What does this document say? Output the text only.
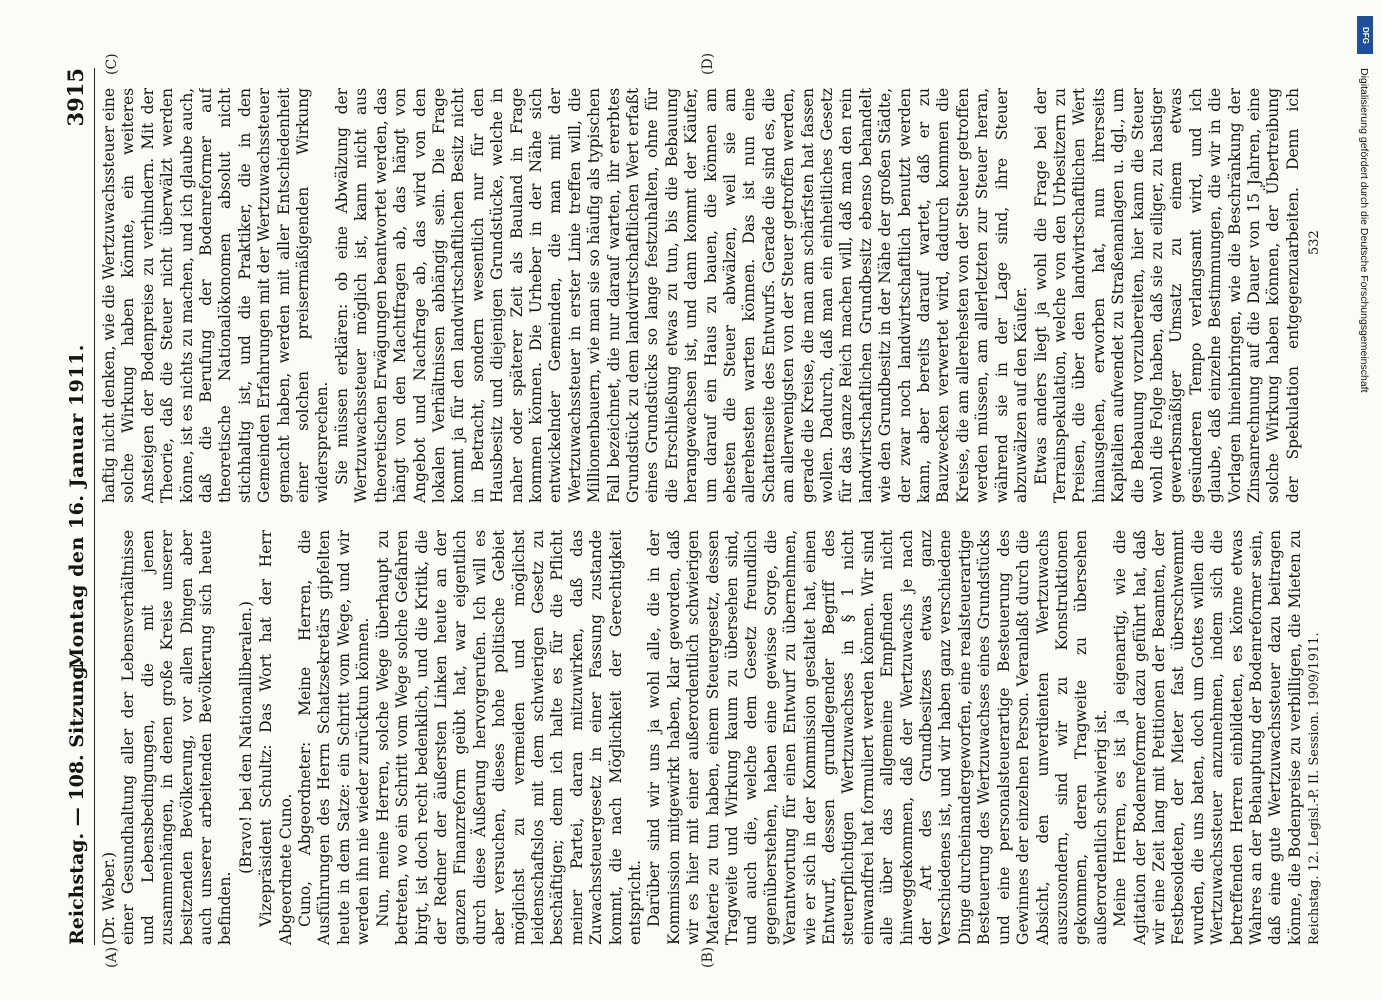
Reichstag. — 108. Sitzung.
Montag den 16. Januar 1911.
3915
(A)	(B)
(C)	(D)

(Dr. Weber.) einer Gesundhaltung aller der Lebensverhältnisse und Lebensbedingungen, die mit jenen zusammenhängen, in denen große Kreise unserer besitzenden Bevölkerung, vor allen Dingen aber auch unserer arbeitenden Bevölkerung sich heute befinden.

(Bravo! bei den Nationalliberalen.) Vizepräsident Schultz: Das Wort hat der Herr Abgeordnete Cuno. Cuno, Abgeordneter: Meine Herren, die Ausführungen des Herrn Schatzsekretärs gipfelten heute in dem Satze: ein Schritt vom Wege, und wir werden ihn nie wieder zurücktun können. Nun, meine Herren, solche Wege überhaupt zu betreten, wo ein Schritt vom Wege solche Gefahren birgt, ist doch recht bedenklich, und die Kritik, die der Redner der äußersten Linken heute an der ganzen Finanzreform geübt hat, war eigentlich durch diese Äußerung hervorgerufen. Ich will es aber versuchen, dieses hohe politische Gebiet möglichst zu vermeiden und möglichst leidenschaftslos mit dem schwierigen Gesetz zu beschäftigen; denn ich halte es für die Pflicht meiner Partei, daran mitzuwirken, daß das Zuwachssteuergesetz in einer Fassung zustande kommt, die nach Möglichkeit der Gerechtigkeit entspricht. Darüber sind wir uns ja wohl alle, die in der Kommission mitgewirkt haben, klar geworden, daß wir es hier mit einer außerordentlich schwierigen Materie zu tun haben, einem Steuergesetz, dessen Tragweite und Wirkung kaum zu übersehen sind, und auch die, welche dem Gesetz freundlich gegenüberstehen, haben eine gewisse Sorge, die Verantwortung für einen Entwurf zu übernehmen, wie er sich in der Kommission gestaltet hat, einen Entwurf, dessen grundlegender Begriff des steuerpflichtigen Wertzuwachses in § 1 nicht einwandfrei hat formuliert werden können. Wir sind alle über das allgemeine Empfinden nicht hinweggekommen, daß der Wertzuwachs je nach der Art des Grundbesitzes etwas ganz Verschiedenes ist, und wir haben ganz verschiedene Dinge durcheinandergeworfen, eine realsteuerartige Besteuerung des Wertzuwachses eines Grundstücks und eine personalsteuerartige Besteuerung des Gewinnes der einzelnen Person. Veranlaßt durch die Absicht, den unverdienten Wertzuwachs auszusondern, sind wir zu Konstruktionen gekommen, deren Tragweite zu übersehen außerordentlich schwierig ist. Meine Herren, es ist ja eigenartig, wie die Agitation der Bodenreformer dazu geführt hat, daß wir eine Zeit lang mit Petitionen der Beamten, der Festbesoldeten, der Mieter fast überschwemmt wurden, die uns baten, doch um Gottes willen die Wertzuwachssteuer anzunehmen, indem sich die betreffenden Herren einbildeten, es könne etwas Wahres an der Behauptung der Bodenreformer sein, daß eine gute Wertzuwachssteuer dazu beitragen könne, die Bodenpreise zu verbilligen, die Mieten zu

haftig nicht denken, wie die Wertzuwachssteuer eine solche Wirkung haben könnte, ein weiteres Ansteigen der Bodenpreise zu verhindern. Mit der Theorie, daß die Steuer nicht überwälzt werden könne, ist es nichts zu machen, und ich glaube auch, daß die Berufung der Bodenreformer auf theoretische Nationalökonomen absolut nicht stichhaltig ist, und die Praktiker, die in den Gemeinden Erfahrungen mit der Wertzuwachssteuer gemacht haben, werden mit aller Entschiedenheit einer solchen preisermäßigenden Wirkung widersprechen. Sie müssen erklären: ob eine Abwälzung der Wertzuwachssteuer möglich ist, kann nicht aus theoretischen Erwägungen beantwortet werden, das hängt von den Machtfragen ab, das hängt von Angebot und Nachfrage ab, das wird von den lokalen Verhältnissen abhängig sein. Die Frage kommt ja für den landwirtschaftlichen Besitz nicht in Betracht, sondern wesentlich nur für den Hausbesitz und diejenigen Grundstücke, welche in naher oder späterer Zeit als Bauland in Frage kommen können. Die Urheber in der Nähe sich entwickelnder Gemeinden, die man mit der Wertzuwachssteuer in erster Linie treffen will, die Millionenbauern, wie man sie so häufig als typischen Fall bezeichnet, die nur darauf warten, ihr ererbtes Grundstück zu dem landwirtschaftlichen Wert erfaßt eines Grundstücks so lange festzuhalten, ohne für die Erschließung etwas zu tun, bis die Bebauung herangewachsen ist, und dann kommt der Käufer, um darauf ein Haus zu bauen, die können am ehesten die Steuer abwälzen, weil sie am allerehesten warten können. Das ist nun eine Schattenseite des Entwurfs. Gerade die sind es, die am allerwenigsten von der Steuer getroffen werden, gerade die Kreise, die man am schärfsten hat fassen wollen. Dadurch, daß man ein einheitliches Gesetz für das ganze Reich machen will, daß man den rein landwirtschaftlichen Grundbesitz ebenso behandelt wie den Grundbesitz in der Nähe der großen Städte, der zwar noch landwirtschaftlich benutzt werden kann, aber bereits darauf wartet, daß er zu Bauzwecken verwertet wird, dadurch kommen die Kreise, die am allerehesten von der Steuer getroffen werden müssen, am allerletzten zur Steuer heran, während sie in der Lage sind, ihre Steuer abzuwälzen auf den Käufer. Etwas anders liegt ja wohl die Frage bei der Terrainspekulation, welche von den Urbesitzern zu Preisen, die über den landwirtschaftlichen Wert hinausgehen, erworben hat, nun ihrerseits Kapitalien aufwendet zu Straßenanlagen u. dgl., um die Bebauung vorzubereiten, hier kann die Steuer wohl die Folge haben, daß sie zu eiliger, zu hastiger gewerbsmäßiger Umsatz zu einem etwas gesünderen Tempo verlangsamt wird, und ich glaube, daß einzelne Bestimmungen, die wir in die Vorlagen hineinbringen, wie die Beschränkung der Zinsanrechnung auf die Dauer von 15 Jahren, eine solche Wirkung haben können, der Übertreibung der Spekulation entgegenzuarbeiten. Denn ich

Reichstag. 12. Legisl.-P. II. Session. 1909/1911.
532
DFG
Digitalisierung gefördert durch die Deutsche Forschungsgemeinschaft
